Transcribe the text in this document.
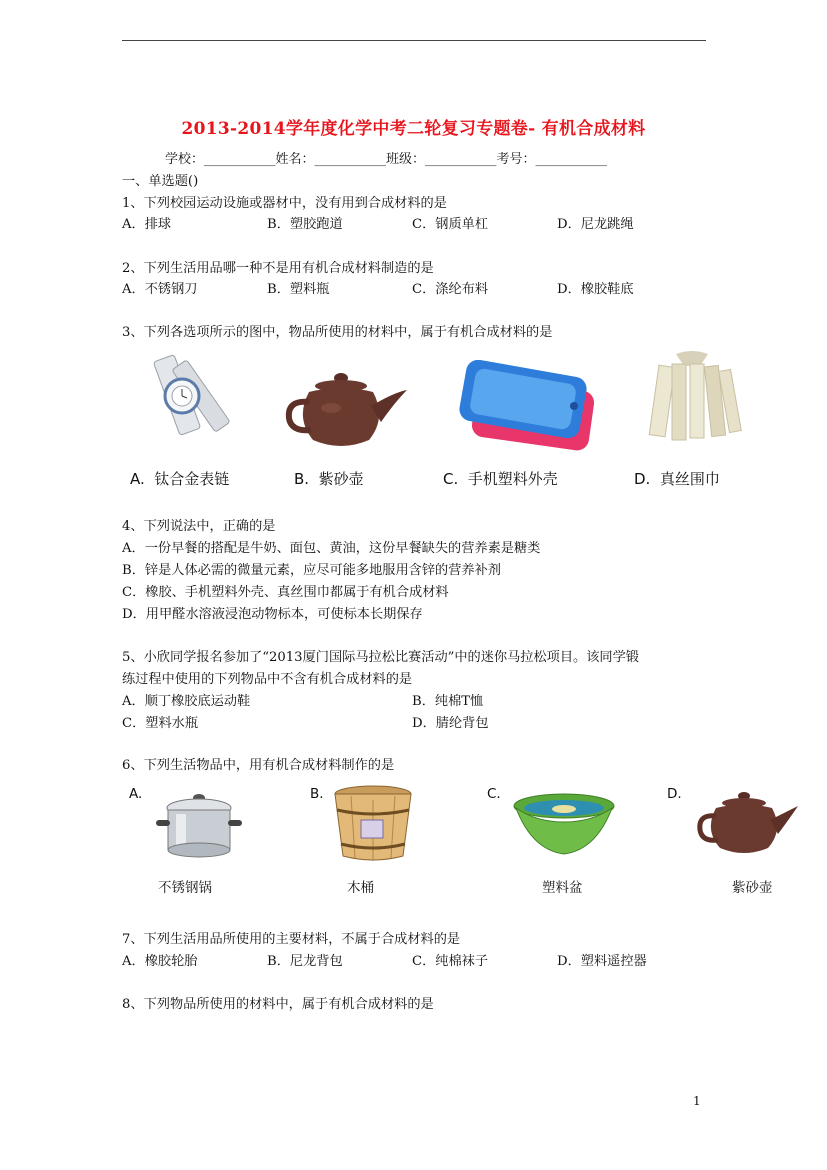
2013-2014学年度化学中考二轮复习专题卷- 有机合成材料
学校：___________姓名：___________班级：___________考号：___________
一、单选题()
1、下列校园运动设施或器材中，没有用到合成材料的是
A．排球	B．塑胶跑道	C．钢质单杠	D．尼龙跳绳
2、下列生活用品哪一种不是用有机合成材料制造的是
A．不锈钢刀	B．塑料瓶	C．涤纶布料	D．橡胶鞋底
3、下列各选项所示的图中，物品所使用的材料中，属于有机合成材料的是
A.  钛合金表链	B.  紫砂壶	C.  手机塑料外壳	D.  真丝围巾
4、下列说法中，正确的是
A．一份早餐的搭配是牛奶、面包、黄油，这份早餐缺失的营养素是糖类
B．锌是人体必需的微量元素，应尽可能多地服用含锌的营养补剂
C．橡胶、手机塑料外壳、真丝围巾都属于有机合成材料
D．用甲醛水溶液浸泡动物标本，可使标本长期保存
5、小欣同学报名参加了“2013厦门国际马拉松比赛活动”中的迷你马拉松项目。该同学锻
练过程中使用的下列物品中不含有机合成材料的是
A．顺丁橡胶底运动鞋	B．纯棉T恤
C．塑料水瓶	D．腈纶背包
6、下列生活物品中，用有机合成材料制作的是
A.	B.	C.	D.
不锈钢锅	木桶	塑料盆	紫砂壶
7、下列生活用品所使用的主要材料，不属于合成材料的是
A．橡胶轮胎	B．尼龙背包	C．纯棉袜子	D．塑料遥控器
8、下列物品所使用的材料中，属于有机合成材料的是
1
